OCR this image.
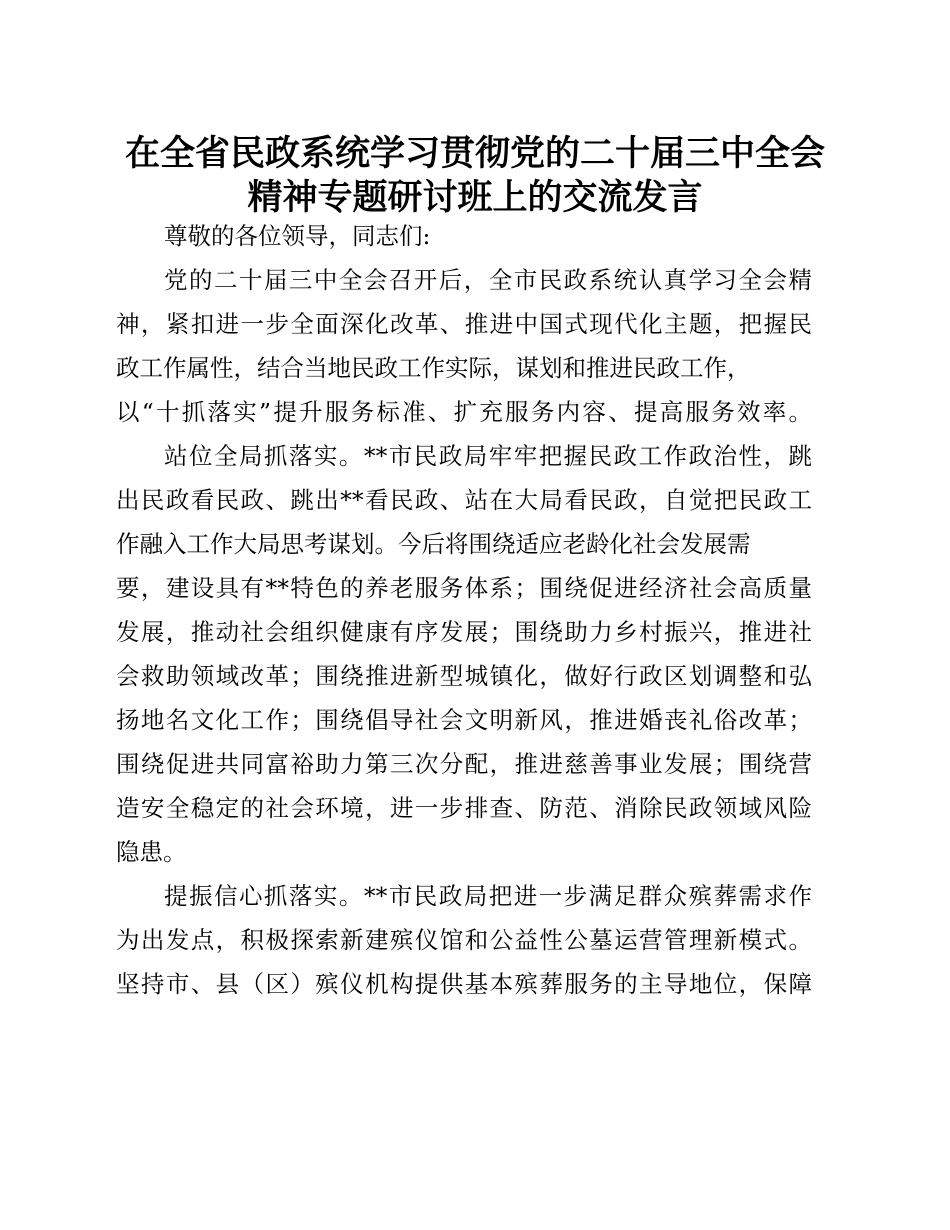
在全省民政系统学习贯彻党的二十届三中全会
精神专题研讨班上的交流发言
尊敬的各位领导，同志们:
党的二十届三中全会召开后，全市民政系统认真学习全会精
神，紧扣进一步全面深化改革、推进中国式现代化主题，把握民
政工作属性，结合当地民政工作实际，谋划和推进民政工作，
以“十抓落实”提升服务标准、扩充服务内容、提高服务效率。
站位全局抓落实。**市民政局牢牢把握民政工作政治性，跳
出民政看民政、跳出**看民政、站在大局看民政，自觉把民政工
作融入工作大局思考谋划。今后将围绕适应老龄化社会发展需
要，建设具有**特色的养老服务体系；围绕促进经济社会高质量
发展，推动社会组织健康有序发展；围绕助力乡村振兴，推进社
会救助领域改革；围绕推进新型城镇化，做好行政区划调整和弘
扬地名文化工作；围绕倡导社会文明新风，推进婚丧礼俗改革；
围绕促进共同富裕助力第三次分配，推进慈善事业发展；围绕营
造安全稳定的社会环境，进一步排查、防范、消除民政领域风险
隐患。
提振信心抓落实。**市民政局把进一步满足群众殡葬需求作
为出发点，积极探索新建殡仪馆和公益性公墓运营管理新模式。
坚持市、县（区）殡仪机构提供基本殡葬服务的主导地位，保障
